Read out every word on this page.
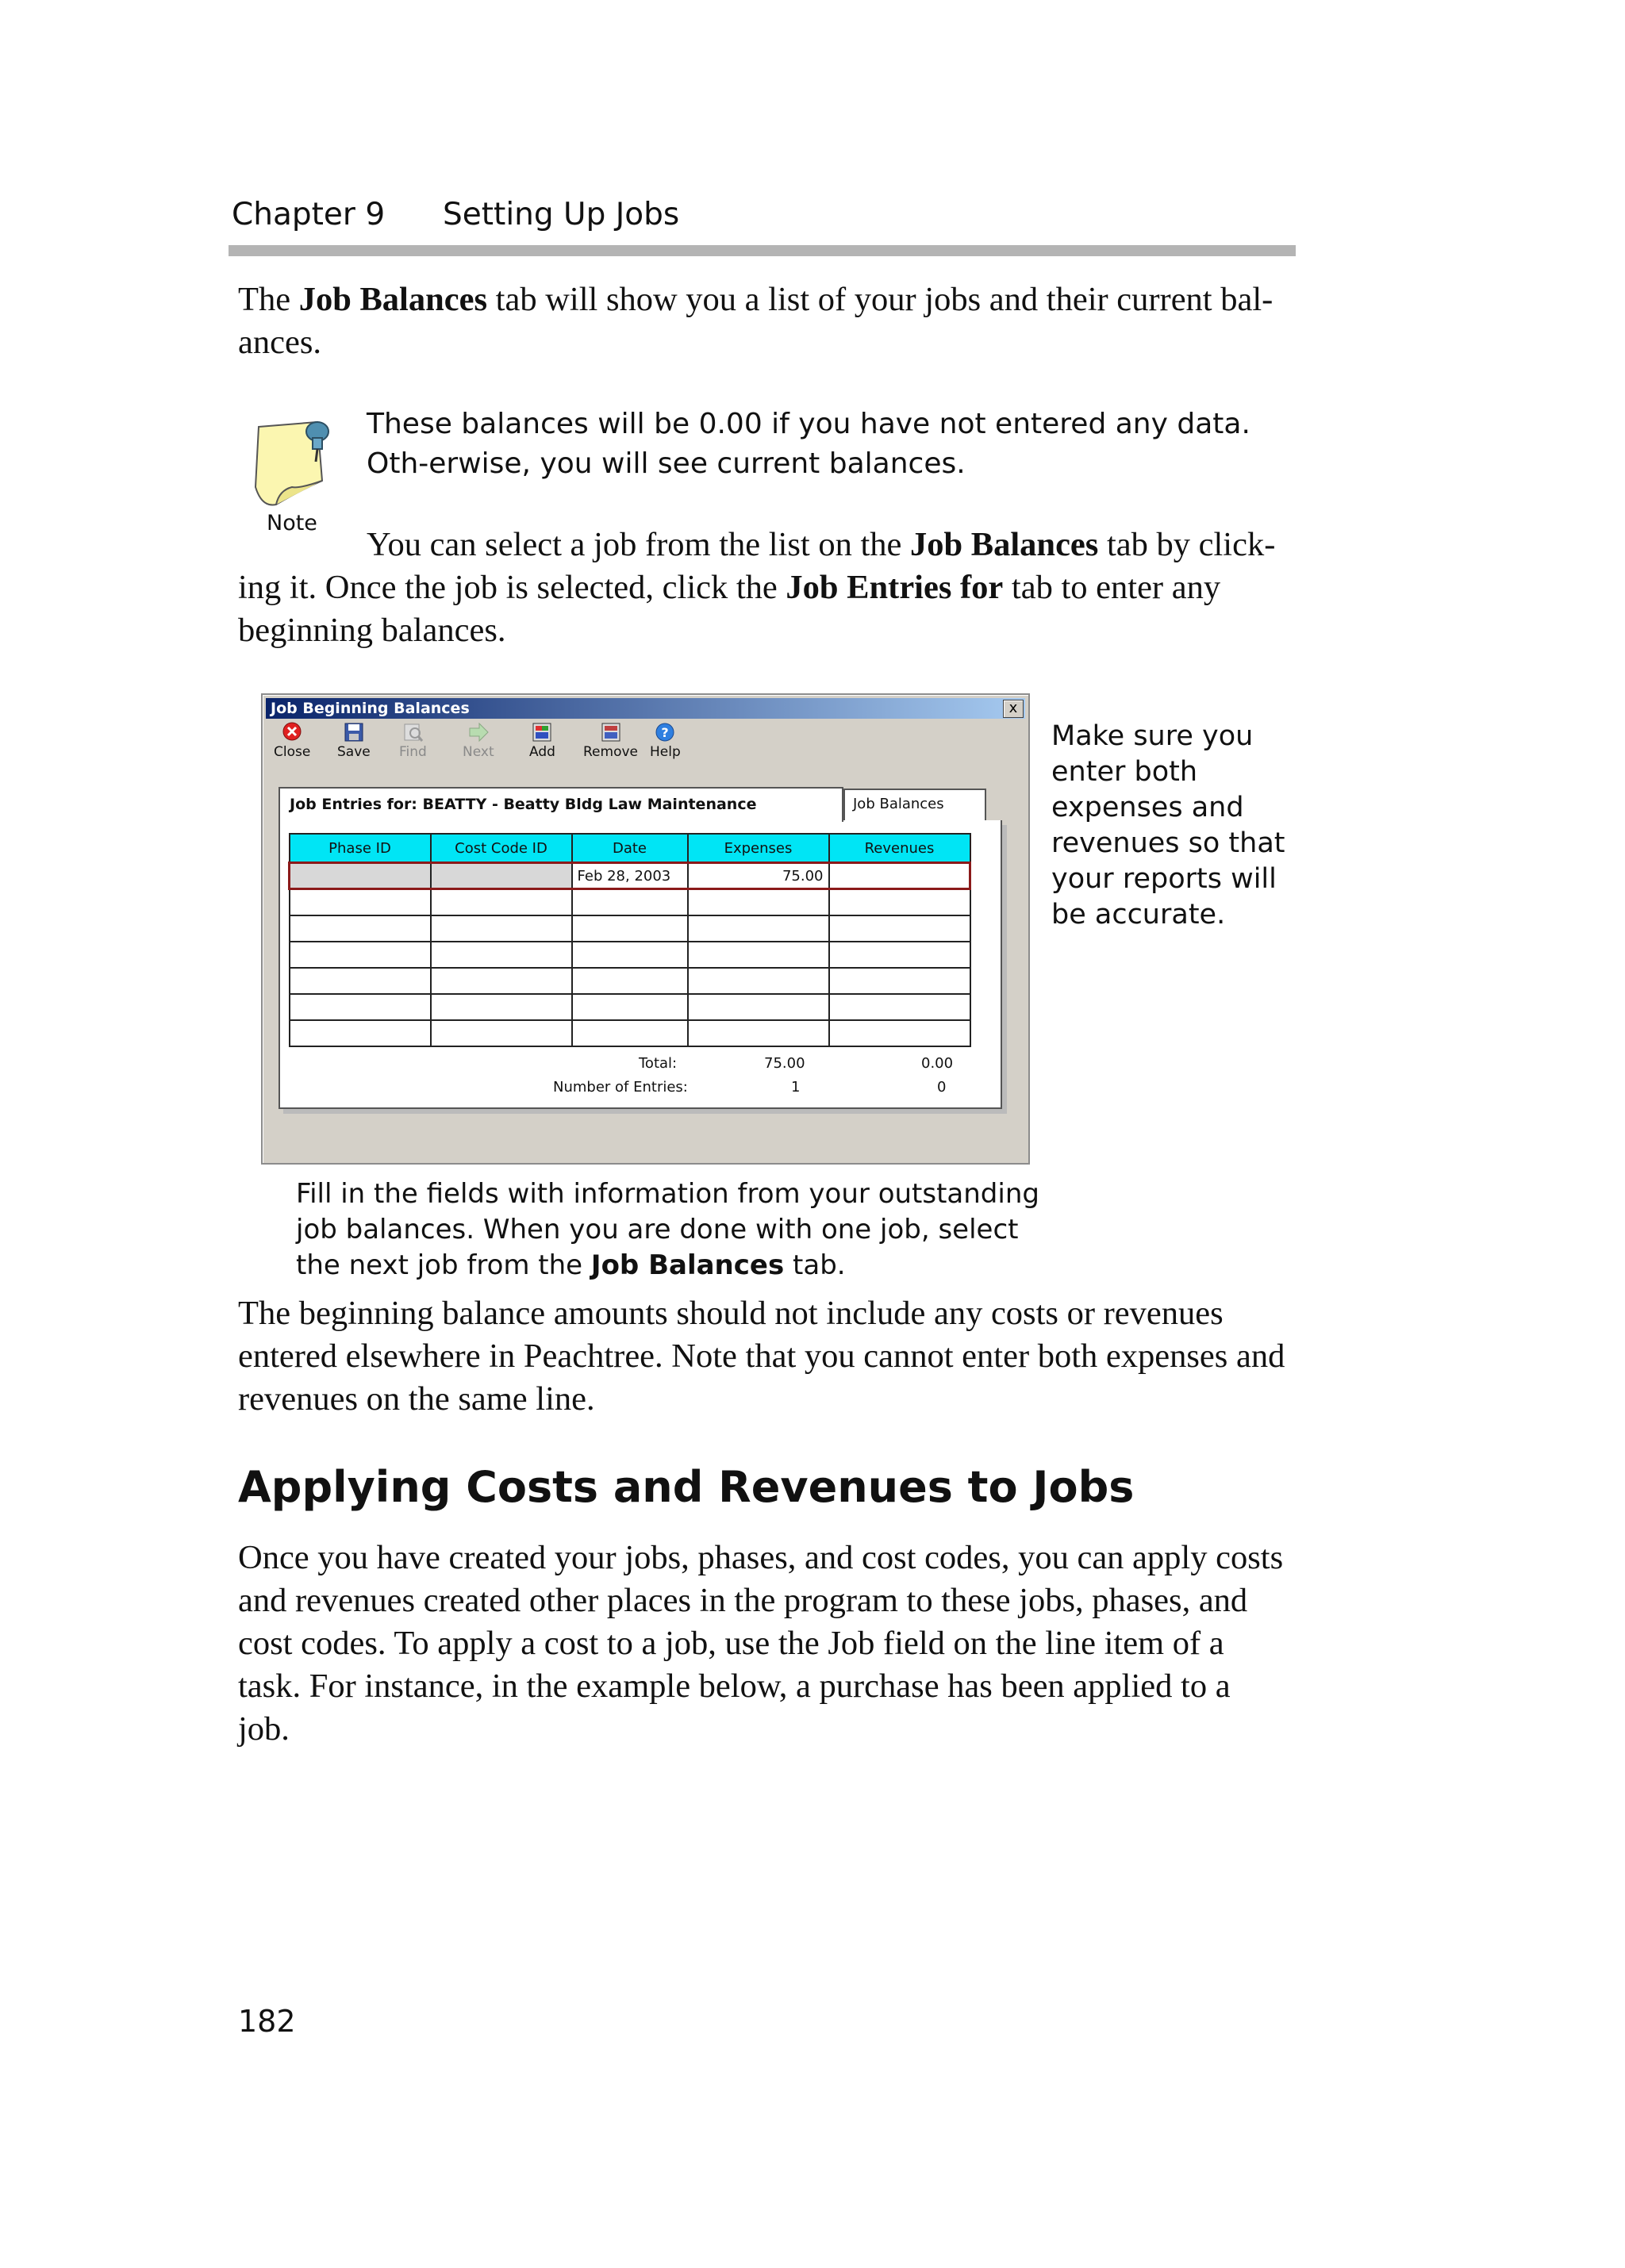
Chapter 9 Setting Up Jobs
The Job Balances tab will show you a list of your jobs and their current bal-ances.
Note
These balances will be 0.00 if you have not entered any data. Oth-erwise, you will see current balances.
You can select a job from the list on the Job Balances tab by click-ing it. Once the job is selected, click the Job Entries for tab to enter any beginning balances.
Job Beginning Balances	x
Close Save Find	Next	Add Remove
?
Help
Job Balances
Phase ID	Cost Code ID	Date	Expenses	Revenues
		Feb 28, 2003	75.00	

Total:	75.00	0.00
Number of Entries:	1	0
Job Entries for: BEATTY - Beatty Bldg Law Maintenance
Make sure you enter both expenses and revenues so that your reports will be accurate.
Fill in the fields with information from your outstanding job balances. When you are done with one job, select the next job from the Job Balances tab.
The beginning balance amounts should not include any costs or revenues entered elsewhere in Peachtree. Note that you cannot enter both expenses and revenues on the same line.
Applying Costs and Revenues to Jobs
Once you have created your jobs, phases, and cost codes, you can apply costs and revenues created other places in the program to these jobs, phases, and cost codes. To apply a cost to a job, use the Job field on the line item of a task. For instance, in the example below, a purchase has been applied to a job.
182
